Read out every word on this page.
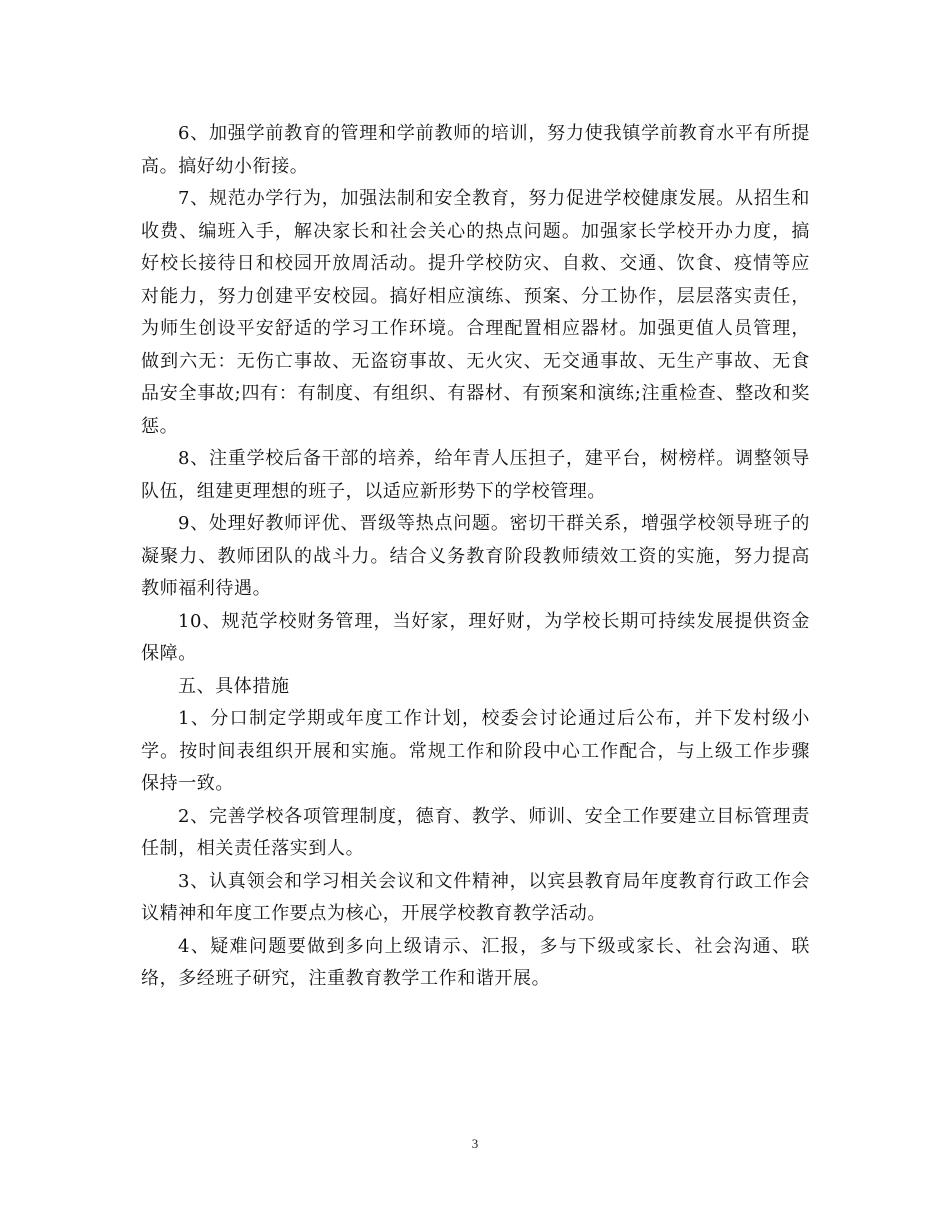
6、加强学前教育的管理和学前教师的培训，努力使我镇学前教育水平有所提高。搞好幼小衔接。

7、规范办学行为，加强法制和安全教育，努力促进学校健康发展。从招生和收费、编班入手，解决家长和社会关心的热点问题。加强家长学校开办力度，搞好校长接待日和校园开放周活动。提升学校防灾、自救、交通、饮食、疫情等应对能力，努力创建平安校园。搞好相应演练、预案、分工协作，层层落实责任，为师生创设平安舒适的学习工作环境。合理配置相应器材。加强更值人员管理，做到六无：无伤亡事故、无盗窃事故、无火灾、无交通事故、无生产事故、无食品安全事故;四有：有制度、有组织、有器材、有预案和演练;注重检查、整改和奖惩。

8、注重学校后备干部的培养，给年青人压担子，建平台，树榜样。调整领导队伍，组建更理想的班子，以适应新形势下的学校管理。

9、处理好教师评优、晋级等热点问题。密切干群关系，增强学校领导班子的凝聚力、教师团队的战斗力。结合义务教育阶段教师绩效工资的实施，努力提高教师福利待遇。

10、规范学校财务管理，当好家，理好财，为学校长期可持续发展提供资金保障。

五、具体措施

1、分口制定学期或年度工作计划，校委会讨论通过后公布，并下发村级小学。按时间表组织开展和实施。常规工作和阶段中心工作配合，与上级工作步骤保持一致。

2、完善学校各项管理制度，德育、教学、师训、安全工作要建立目标管理责任制，相关责任落实到人。

3、认真领会和学习相关会议和文件精神，以宾县教育局年度教育行政工作会议精神和年度工作要点为核心，开展学校教育教学活动。

4、疑难问题要做到多向上级请示、汇报，多与下级或家长、社会沟通、联络，多经班子研究，注重教育教学工作和谐开展。

3
